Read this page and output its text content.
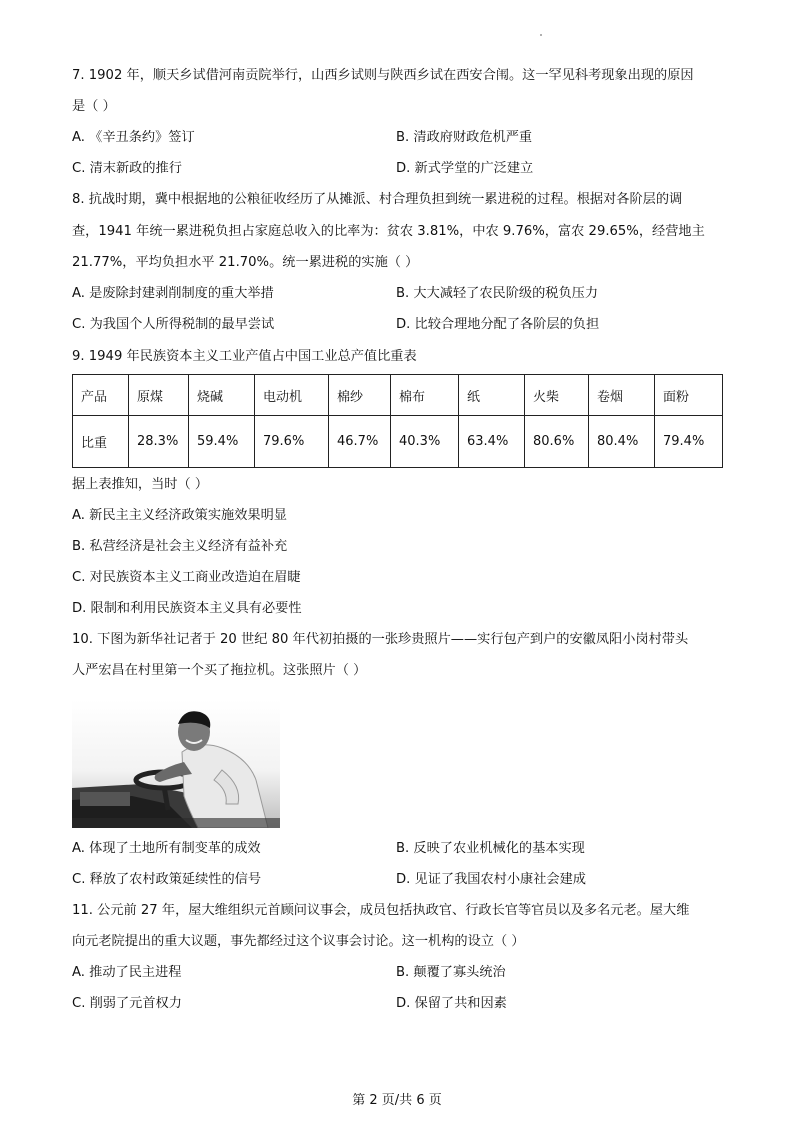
7. 1902 年，顺天乡试借河南贡院举行，山西乡试则与陕西乡试在西安合闱。这一罕见科考现象出现的原因
是（ ）
A. 《辛丑条约》签订	B. 清政府财政危机严重
C. 清末新政的推行	D. 新式学堂的广泛建立
8. 抗战时期，冀中根据地的公粮征收经历了从摊派、村合理负担到统一累进税的过程。根据对各阶层的调
查，1941 年统一累进税负担占家庭总收入的比率为：贫农 3.81%，中农 9.76%，富农 29.65%，经营地主
21.77%，平均负担水平 21.70%。统一累进税的实施（ ）
A. 是废除封建剥削制度的重大举措	B. 大大减轻了农民阶级的税负压力
C. 为我国个人所得税制的最早尝试	D. 比较合理地分配了各阶层的负担
9. 1949 年民族资本主义工业产值占中国工业总产值比重表
产品	原煤	烧碱	电动机	棉纱	棉布	纸	火柴	卷烟	面粉
比重	28.3%	59.4%	79.6%	46.7%	40.3%	63.4%	80.6%	80.4%	79.4%
据上表推知，当时（ ）
A. 新民主主义经济政策实施效果明显
B. 私营经济是社会主义经济有益补充
C. 对民族资本主义工商业改造迫在眉睫
D. 限制和利用民族资本主义具有必要性
10. 下图为新华社记者于 20 世纪 80 年代初拍摄的一张珍贵照片——实行包产到户的安徽凤阳小岗村带头
人严宏昌在村里第一个买了拖拉机。这张照片（ ）
A. 体现了土地所有制变革的成效	B. 反映了农业机械化的基本实现
C. 释放了农村政策延续性的信号	D. 见证了我国农村小康社会建成
11. 公元前 27 年，屋大维组织元首顾问议事会，成员包括执政官、行政长官等官员以及多名元老。屋大维
向元老院提出的重大议题，事先都经过这个议事会讨论。这一机构的设立（ ）
A. 推动了民主进程	B. 颠覆了寡头统治
C. 削弱了元首权力	D. 保留了共和因素
第 2 页/共 6 页
